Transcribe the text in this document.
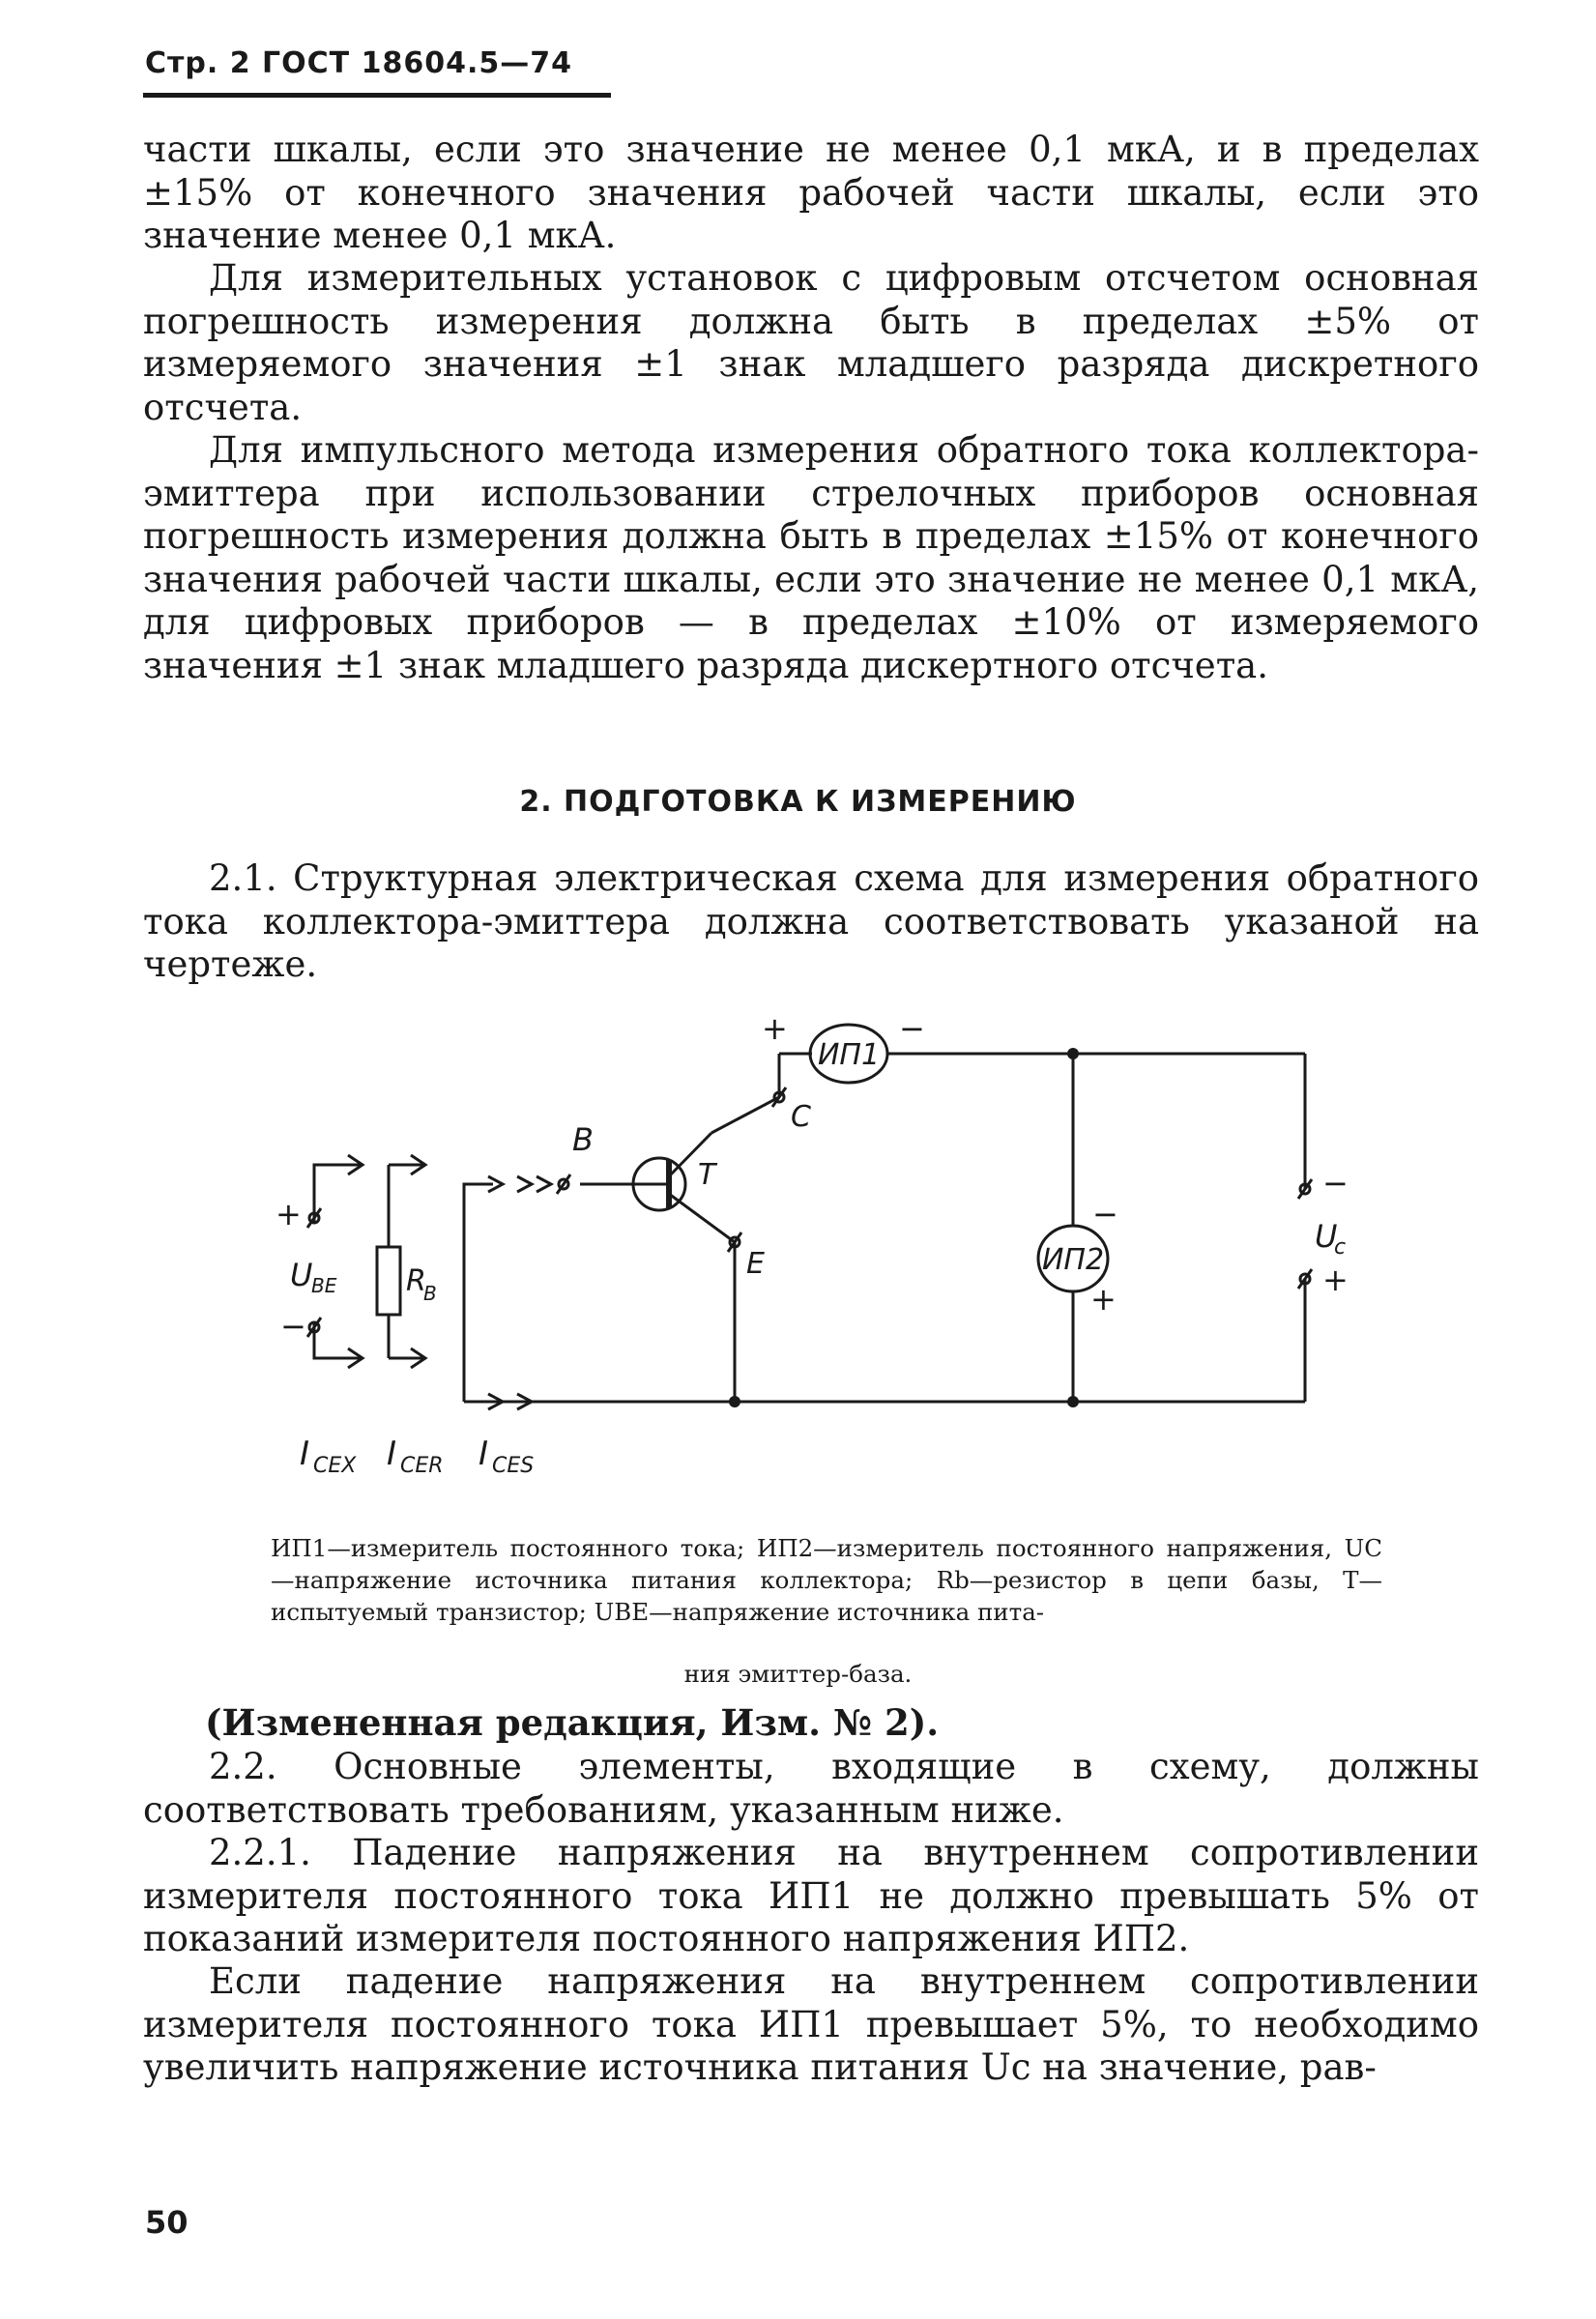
Стр. 2 ГОСТ 18604.5—74

части шкалы, если это значение не менее 0,1 мкА, и в пределах ±15% от конечного значения рабочей части шкалы, если это значение менее 0,1 мкА.

Для измерительных установок с цифровым отсчетом основная погрешность измерения должна быть в пределах ±5% от измеряемого значения ±1 знак младшего разряда дискретного отсчета.

Для импульсного метода измерения обратного тока коллектора-эмиттера при использовании стрелочных приборов основная погрешность измерения должна быть в пределах ±15% от конечного значения рабочей части шкалы, если это значение не менее 0,1 мкА, для цифровых приборов — в пределах ±10% от измеряемого значения ±1 знак младшего разряда дискертного отсчета.

2. ПОДГОТОВКА К ИЗМЕРЕНИЮ

2.1. Структурная электрическая схема для измерения обратного тока коллектора-эмиттера должна соответствовать указаной на чертеже.

ИП1
ИП2
+	−
−
+
−
+
U
c
B
C
T
E
R
B
+
−
U
BE
I CEX I CER I CES

ИП1—измеритель постоянного тока; ИП2—измеритель постоянного напряжения, UC —напряжение источника питания коллектора; Rb—резистор в цепи базы, T—испытуемый транзистор; UBE—напряжение источника пита-

ния эмиттер-база.
(Измененная редакция, Изм. № 2).

2.2. Основные элементы, входящие в схему, должны соответствовать требованиям, указанным ниже.

2.2.1. Падение напряжения на внутреннем сопротивлении измерителя постоянного тока ИП1 не должно превышать 5% от показаний измерителя постоянного напряжения ИП2.

Если падение напряжения на внутреннем сопротивлении измерителя постоянного тока ИП1 превышает 5%, то необходимо увеличить напряжение источника питания Uс на значение, рав-

50
